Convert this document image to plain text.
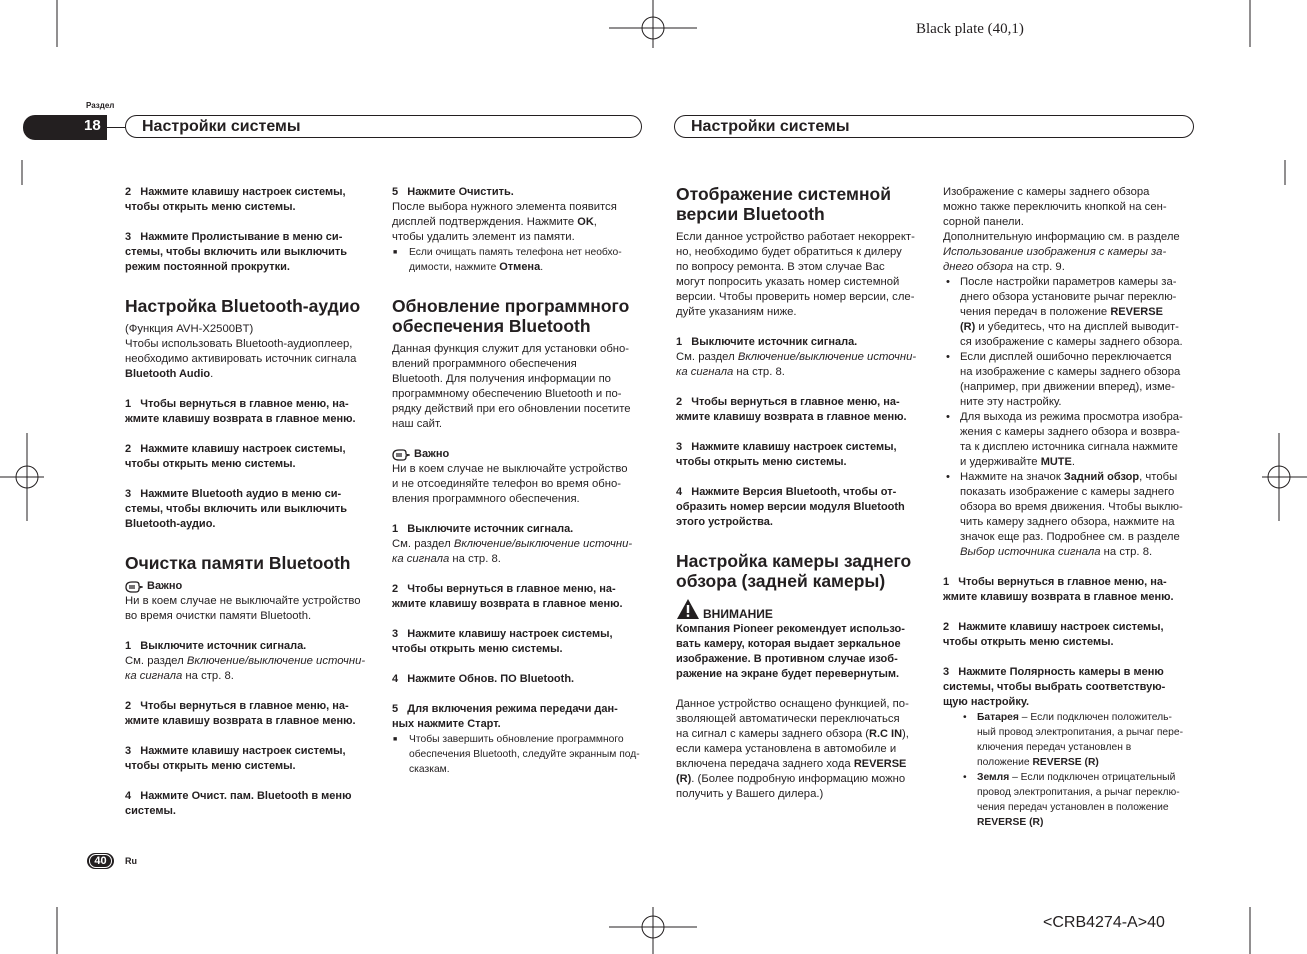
Black plate (40,1)
Раздел
18	Настройки системы	Настройки системы
2   Нажмите клавишу настроек системы,
чтобы открыть меню системы.
3   Нажмите Пролистывание в меню си-
стемы, чтобы включить или выключить
режим постоянной прокрутки.
Настройка Bluetooth-аудио
(Функция AVH-X2500BT)
Чтобы использовать Bluetooth-аудиоплеер,
необходимо активировать источник сигнала
Bluetooth Audio.
1   Чтобы вернуться в главное меню, на-
жмите клавишу возврата в главное меню.
2   Нажмите клавишу настроек системы,
чтобы открыть меню системы.
3   Нажмите Bluetooth аудио в меню си-
стемы, чтобы включить или выключить
Bluetooth-аудио.
Очистка памяти Bluetooth
Важно
Ни в коем случае не выключайте устройство
во время очистки памяти Bluetooth.
1   Выключите источник сигнала.
См. раздел Включение/выключение источни-
ка сигнала на стр. 8.
2   Чтобы вернуться в главное меню, на-
жмите клавишу возврата в главное меню.
3   Нажмите клавишу настроек системы,
чтобы открыть меню системы.
4   Нажмите Очист. пам. Bluetooth в меню
системы.
5   Нажмите Очистить.
После выбора нужного элемента появится
дисплей подтверждения. Нажмите OK,
чтобы удалить элемент из памяти.
■ Если очищать память телефона нет необхо-
димости, нажмите Отмена.
Обновление программного
обеспечения Bluetooth
Данная функция служит для установки обно-
влений программного обеспечения
Bluetooth. Для получения информации по
программному обеспечению Bluetooth и по-
рядку действий при его обновлении посетите
наш сайт.
Важно
Ни в коем случае не выключайте устройство
и не отсоединяйте телефон во время обно-
вления программного обеспечения.
1   Выключите источник сигнала.
См. раздел Включение/выключение источни-
ка сигнала на стр. 8.
2   Чтобы вернуться в главное меню, на-
жмите клавишу возврата в главное меню.
3   Нажмите клавишу настроек системы,
чтобы открыть меню системы.
4   Нажмите Обнов. ПО Bluetooth.
5   Для включения режима передачи дан-
ных нажмите Старт.
■ Чтобы завершить обновление программного
обеспечения Bluetooth, следуйте экранным под-
сказкам.
Отображение системной
версии Bluetooth
Если данное устройство работает некоррект-
но, необходимо будет обратиться к дилеру
по вопросу ремонта. В этом случае Вас
могут попросить указать номер системной
версии. Чтобы проверить номер версии, сле-
дуйте указаниям ниже.
1   Выключите источник сигнала.
См. раздел Включение/выключение источни-
ка сигнала на стр. 8.
2   Чтобы вернуться в главное меню, на-
жмите клавишу возврата в главное меню.
3   Нажмите клавишу настроек системы,
чтобы открыть меню системы.
4   Нажмите Версия Bluetooth, чтобы от-
образить номер версии модуля Bluetooth
этого устройства.
Настройка камеры заднего
обзора (задней камеры)
ВНИМАНИЕ
Компания Pioneer рекомендует использо-
вать камеру, которая выдает зеркальное
изображение. В противном случае изоб-
ражение на экране будет перевернутым.
Данное устройство оснащено функцией, по-
зволяющей автоматически переключаться
на сигнал с камеры заднего обзора (R.C IN),
если камера установлена в автомобиле и
включена передача заднего хода REVERSE
(R). (Более подробную информацию можно
получить у Вашего дилера.)
Изображение с камеры заднего обзора
можно также переключить кнопкой на сен-
сорной панели.
Дополнительную информацию см. в разделе
Использование изображения с камеры за-
днего обзора на стр. 9.
• После настройки параметров камеры за-
днего обзора установите рычаг переклю-
чения передач в положение REVERSE
(R) и убедитесь, что на дисплей выводит-
ся изображение с камеры заднего обзора.
• Если дисплей ошибочно переключается
на изображение с камеры заднего обзора
(например, при движении вперед), изме-
ните эту настройку.
• Для выхода из режима просмотра изобра-
жения с камеры заднего обзора и возвра-
та к дисплею источника сигнала нажмите
и удерживайте MUTE.
• Нажмите на значок Задний обзор, чтобы
показать изображение с камеры заднего
обзора во время движения. Чтобы выклю-
чить камеру заднего обзора, нажмите на
значок еще раз. Подробнее см. в разделе
Выбор источника сигнала на стр. 8.
1   Чтобы вернуться в главное меню, на-
жмите клавишу возврата в главное меню.
2   Нажмите клавишу настроек системы,
чтобы открыть меню системы.
3   Нажмите Полярность камеры в меню
системы, чтобы выбрать соответствую-
щую настройку.
• Батарея – Если подключен положитель-
ный провод электропитания, а рычаг пере-
ключения передач установлен в
положение REVERSE (R)
• Земля – Если подключен отрицательный
провод электропитания, а рычаг переклю-
чения передач установлен в положение
REVERSE (R)
40	Ru
<CRB4274-A>40
